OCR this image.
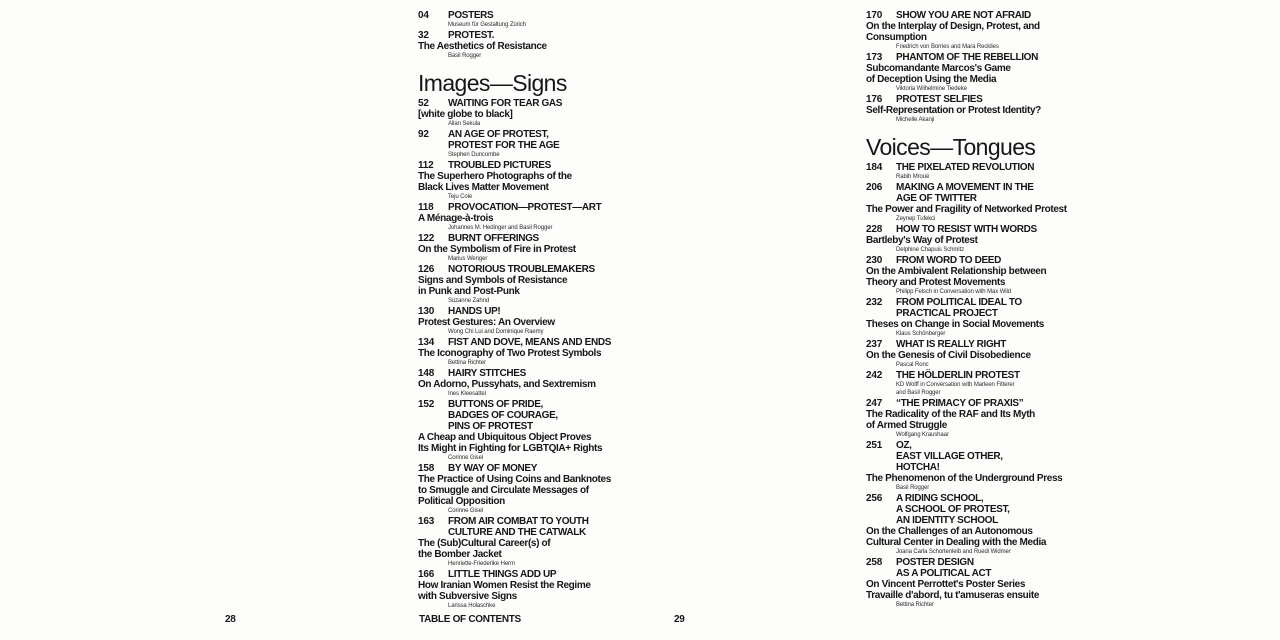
04	POSTERS
Museum für Gestaltung Zürich
32	PROTEST.
The Aesthetics of Resistance
Basil Rogger
Images—Signs
52	WAITING FOR TEAR GAS
[white globe to black]
Allan Sekula
92	AN AGE OF PROTEST,
PROTEST FOR THE AGE
Stephen Duncombe
112	TROUBLED PICTURES
The Superhero Photographs of the
Black Lives Matter Movement
Teju Cole
118	PROVOCATION—PROTEST—ART
A Ménage-à-trois
Johannes M. Hedinger and Basil Rogger
122	BURNT OFFERINGS
On the Symbolism of Fire in Protest
Marius Wenger
126	NOTORIOUS TROUBLEMAKERS
Signs and Symbols of Resistance
in Punk and Post-Punk
Suzanne Zahnd
130	HANDS UP!
Protest Gestures: An Overview
Wong Chi Lui and Dominique Raemy
134	FIST AND DOVE, MEANS AND ENDS
The Iconography of Two Protest Symbols
Bettina Richter
148	HAIRY STITCHES
On Adorno, Pussyhats, and Sextremism
Ines Kleesattel
152	BUTTONS OF PRIDE,
BADGES OF COURAGE,
PINS OF PROTEST
A Cheap and Ubiquitous Object Proves
Its Might in Fighting for LGBTQIA+ Rights
Corinne Gisel
158	BY WAY OF MONEY
The Practice of Using Coins and Banknotes
to Smuggle and Circulate Messages of
Political Opposition
Corinne Gisel
163	FROM AIR COMBAT TO YOUTH
CULTURE AND THE CATWALK
The (Sub)Cultural Career(s) of
the Bomber Jacket
Henriette-Friederike Herm
166	LITTLE THINGS ADD UP
How Iranian Women Resist the Regime
with Subversive Signs
Larissa Holaschke
170	SHOW YOU ARE NOT AFRAID
On the Interplay of Design, Protest, and
Consumption
Friedrich von Borries and Mara Recklies
173	PHANTOM OF THE REBELLION
Subcomandante Marcos's Game
of Deception Using the Media
Viktoria Wilhelmine Tiedeke
176	PROTEST SELFIES
Self-Representation or Protest Identity?
Michelle Akanji
Voices—Tongues
184	THE PIXELATED REVOLUTION
Rabih Mroué
206	MAKING A MOVEMENT IN THE
AGE OF TWITTER
The Power and Fragility of Networked Protest
Zeynep Tufekci
228	HOW TO RESIST WITH WORDS
Bartleby's Way of Protest
Delphine Chapuis Schmitz
230	FROM WORD TO DEED
On the Ambivalent Relationship between
Theory and Protest Movements
Philipp Felsch in Conversation with Max Wild
232	FROM POLITICAL IDEAL TO
PRACTICAL PROJECT
Theses on Change in Social Movements
Klaus Schönberger
237	WHAT IS REALLY RIGHT
On the Genesis of Civil Disobedience
Pascal Ronc
242	THE HÖLDERLIN PROTEST
KD Wolff in Conversation with Marleen Fitterer
and Basil Rogger
247	“THE PRIMACY OF PRAXIS”
The Radicality of the RAF and Its Myth
of Armed Struggle
Wolfgang Kraushaar
251	OZ,
EAST VILLAGE OTHER,
HOTCHA!
The Phenomenon of the Underground Press
Basil Rogger
256	A RIDING SCHOOL,
A SCHOOL OF PROTEST,
AN IDENTITY SCHOOL
On the Challenges of an Autonomous
Cultural Center in Dealing with the Media
Joana Carla Schortenleib and Ruedi Widmer
258	POSTER DESIGN
AS A POLITICAL ACT
On Vincent Perrottet's Poster Series
Travaille d'abord, tu t'amuseras ensuite
Bettina Richter
28	TABLE OF CONTENTS	29
